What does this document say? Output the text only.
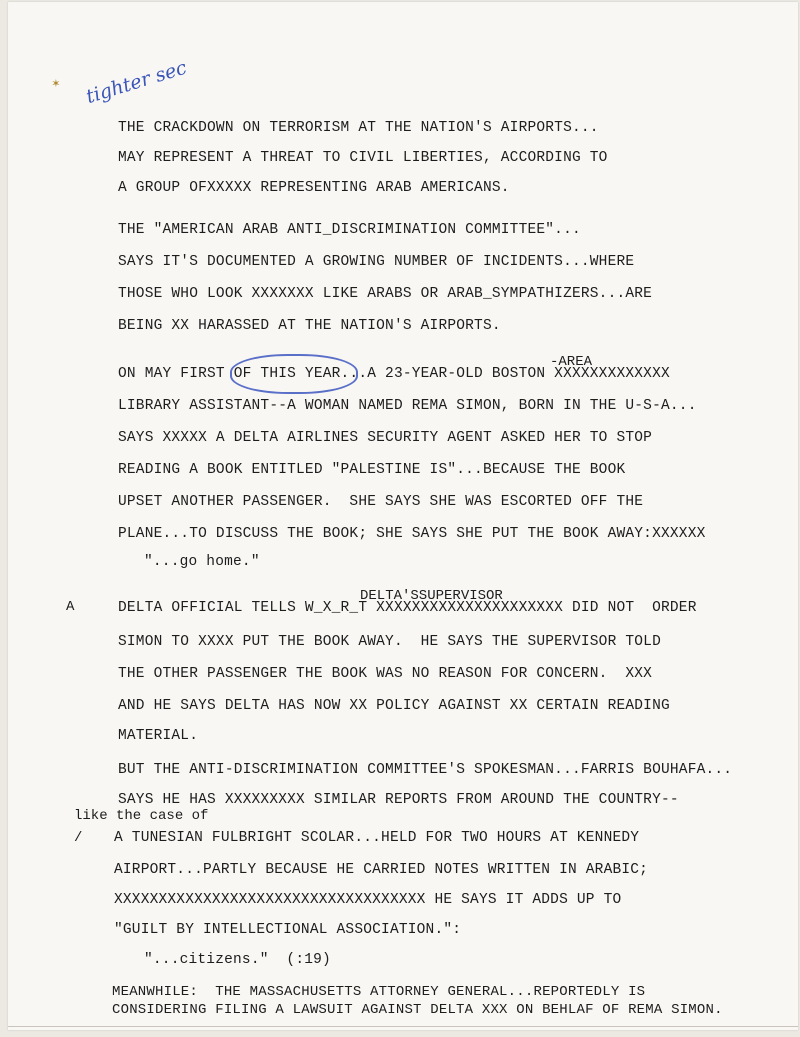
✶ tighter sec
THE CRACKDOWN ON TERRORISM AT THE NATION'S AIRPORTS...
MAY REPRESENT A THREAT TO CIVIL LIBERTIES, ACCORDING TO
A GROUP OFXXXXX REPRESENTING ARAB AMERICANS.
THE "AMERICAN ARAB ANTI_DISCRIMINATION COMMITTEE"...
SAYS IT'S DOCUMENTED A GROWING NUMBER OF INCIDENTS...WHERE
THOSE WHO LOOK XXXXXXX LIKE ARABS OR ARAB_SYMPATHIZERS...ARE
BEING XX HARASSED AT THE NATION'S AIRPORTS.
-AREA
ON MAY FIRST OF THIS YEAR...A 23-YEAR-OLD BOSTON XXXXXXXXXXXXX
LIBRARY ASSISTANT--A WOMAN NAMED REMA SIMON, BORN IN THE U-S-A...
SAYS XXXXX A DELTA AIRLINES SECURITY AGENT ASKED HER TO STOP
READING A BOOK ENTITLED "PALESTINE IS"...BECAUSE THE BOOK
UPSET ANOTHER PASSENGER.  SHE SAYS SHE WAS ESCORTED OFF THE
PLANE...TO DISCUSS THE BOOK; SHE SAYS SHE PUT THE BOOK AWAY:XXXXXX
"...go home."
DELTA'SSUPERVISOR
A	DELTA OFFICIAL TELLS W_X_R_T XXXXXXXXXXXXXXXXXXXXX DID NOT  ORDER
SIMON TO XXXX PUT THE BOOK AWAY.  HE SAYS THE SUPERVISOR TOLD
THE OTHER PASSENGER THE BOOK WAS NO REASON FOR CONCERN.  XXX
AND HE SAYS DELTA HAS NOW XX POLICY AGAINST XX CERTAIN READING
MATERIAL.
BUT THE ANTI-DISCRIMINATION COMMITTEE'S SPOKESMAN...FARRIS BOUHAFA...
SAYS HE HAS XXXXXXXXX SIMILAR REPORTS FROM AROUND THE COUNTRY--
like the case of
/ A TUNESIAN FULBRIGHT SCOLAR...HELD FOR TWO HOURS AT KENNEDY
AIRPORT...PARTLY BECAUSE HE CARRIED NOTES WRITTEN IN ARABIC;
XXXXXXXXXXXXXXXXXXXXXXXXXXXXXXXXXXX HE SAYS IT ADDS UP TO
"GUILT BY INTELLECTIONAL ASSOCIATION.":
"...citizens."  (:19)
MEANWHILE:  THE MASSACHUSETTS ATTORNEY GENERAL...REPORTEDLY IS
CONSIDERING FILING A LAWSUIT AGAINST DELTA XXX ON BEHLAF OF REMA SIMON.
